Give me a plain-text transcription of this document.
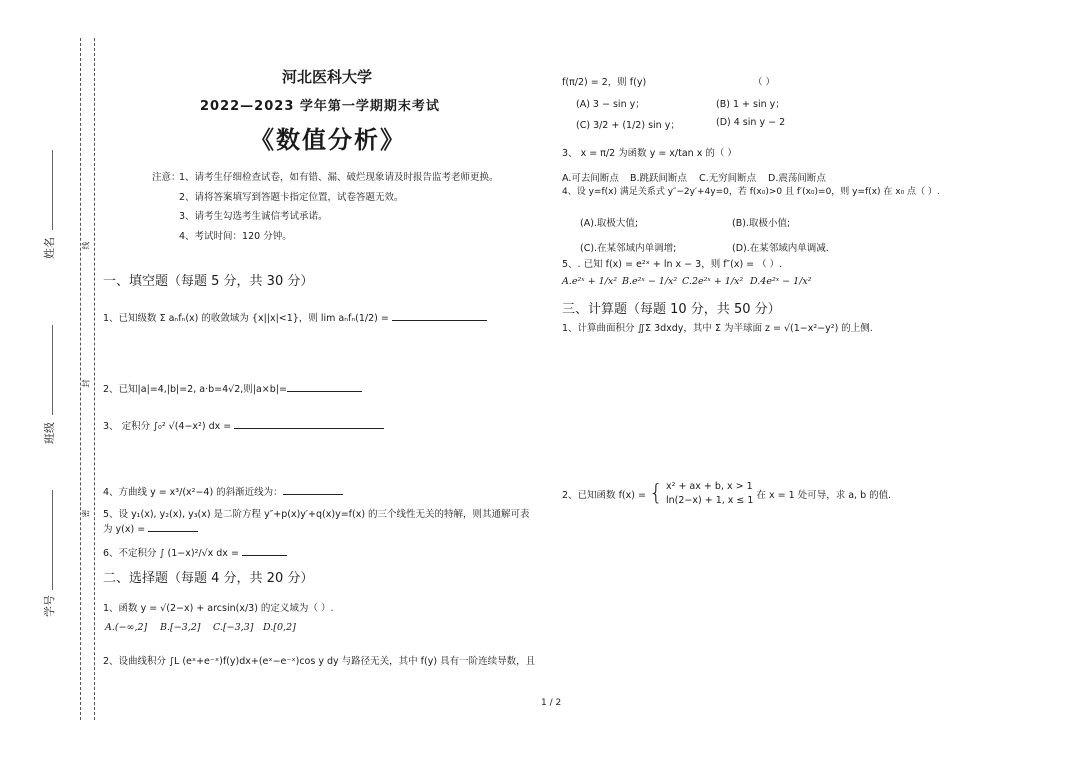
姓名
班级
学号
线
封
密
河北医科大学
2022—2023 学年第一学期期末考试
《数值分析》
注意：
1、请考生仔细检查试卷，如有错、漏、破烂现象请及时报告监考老师更换。
2、请将答案填写到答题卡指定位置，试卷答题无效。
3、请考生勾选考生诚信考试承诺。
4、考试时间：120 分钟。
一、填空题（每题 5 分，共 30 分）
1、已知级数 Σ aₙfₙ(x) 的收敛域为 {x||x|<1}，则 lim aₙfₙ(1/2) =
2、已知|a|=4,|b|=2, a·b=4√2,则|a×b|=
3、 定积分 ∫₀² √(4−x²) dx =
4、方曲线 y = x³/(x²−4) 的斜渐近线为：
5、设 y₁(x), y₂(x), y₃(x) 是二阶方程 y″+p(x)y′+q(x)y=f(x) 的三个线性无关的特解，则其通解可表
为 y(x) =
6、不定积分 ∫ (1−x)²/√x dx =
二、选择题（每题 4 分，共 20 分）
1、函数 y = √(2−x) + arcsin(x/3) 的定义域为（ ）.
A.(−∞,2] B.[−3,2] C.[−3,3] D.[0,2]
2、设曲线积分 ∫L (eˣ+e⁻ˣ)f(y)dx+(eˣ−e⁻ˣ)cos y dy 与路径无关，其中 f(y) 具有一阶连续导数，且
f(π/2) = 2，则 f(y)	（ ）
(A) 3 − sin y；	(B) 1 + sin y；
(C) 3/2 + (1/2) sin y；	(D) 4 sin y − 2
3、 x = π/2 为函数 y = x/tan x 的（ ）
A.可去间断点 B.跳跃间断点 C.无穷间断点 D.震荡间断点
4、设 y=f(x) 满足关系式 y″−2y′+4y=0，若 f(x₀)>0 且 f′(x₀)=0，则 y=f(x) 在 x₀ 点（ ）.
(A).取极大值;	(B).取极小值;
(C).在某邻域内单调增;	(D).在某邻域内单调减.
5、. 已知 f(x) = e²ˣ + ln x − 3，则 f″(x) = （ ）.
A.e²ˣ + 1/x² B.e²ˣ − 1/x² C.2e²ˣ + 1/x² D.4e²ˣ − 1/x²
三、计算题（每题 10 分，共 50 分）
1、计算曲面积分 ∬Σ 3dxdy，其中 Σ 为半球面 z = √(1−x²−y²) 的上侧.
2、已知函数 f(x) = { x² + ax + b, x > 1
ln(2−x) + 1, x ≤ 1 在 x = 1 处可导，求 a, b 的值.
1 / 2
